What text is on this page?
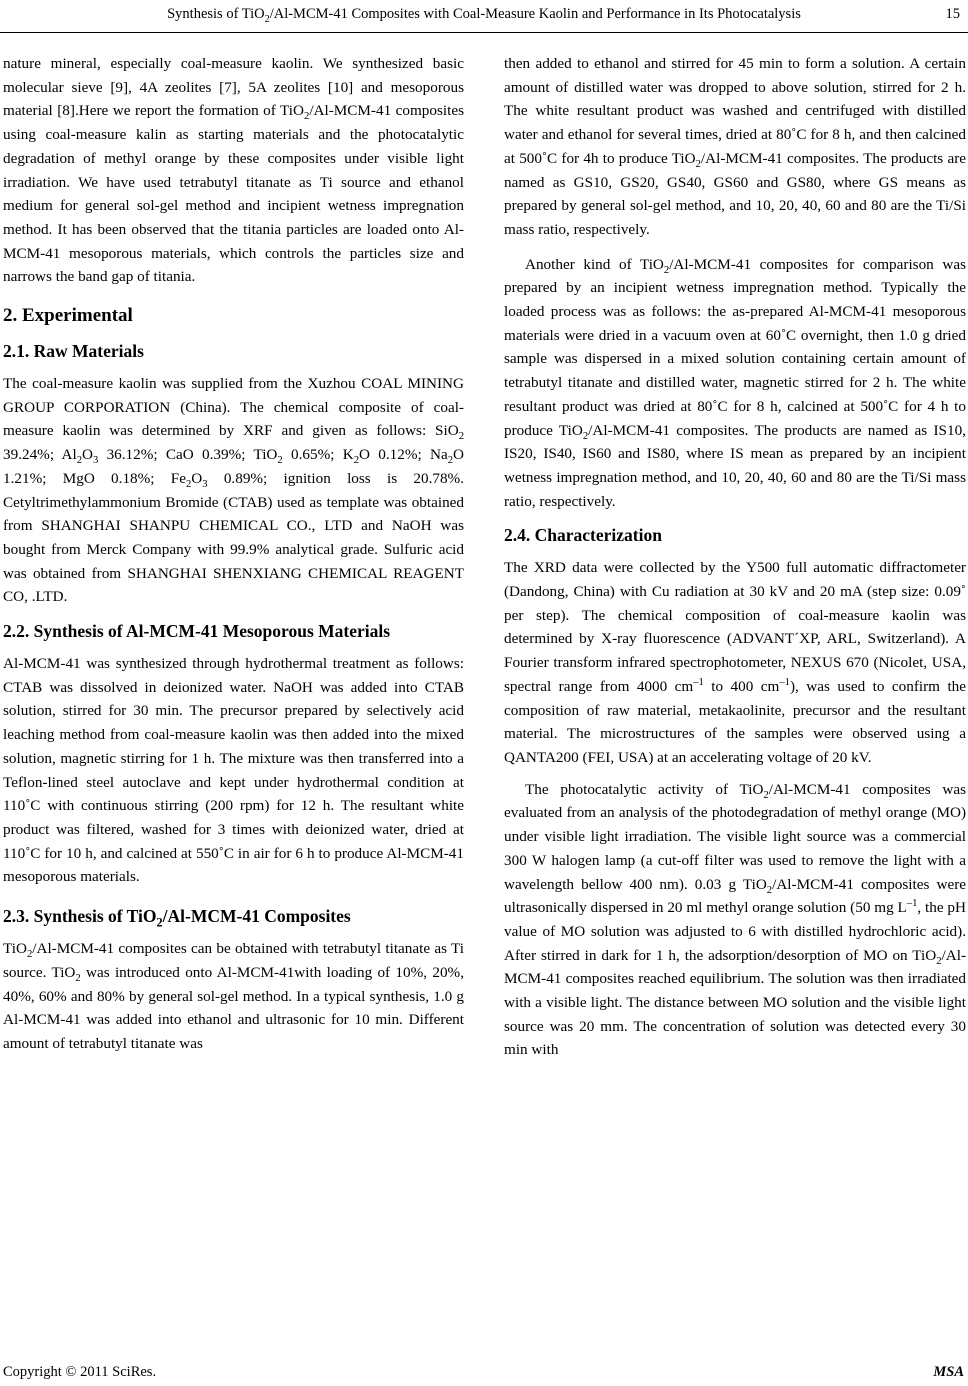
Synthesis of TiO$_2$/Al-MCM-41 Composites with Coal-Measure Kaolin and Performance in Its Photocatalysis	15

nature mineral, especially coal-measure kaolin. We synthesized basic molecular sieve [9], 4A zeolites [7], 5A zeolites [10] and mesoporous material [8].Here we report the formation of TiO$_2$/Al-MCM-41 composites using coal-measure kalin as starting materials and the photocatalytic degradation of methyl orange by these composites under visible light irradiation. We have used tetrabutyl titanate as Ti source and ethanol medium for general sol-gel method and incipient wetness impregnation method. It has been observed that the titania particles are loaded onto Al-MCM-41 mesoporous materials, which controls the particles size and narrows the band gap of titania.

2. Experimental
2.1. Raw Materials

The coal-measure kaolin was supplied from the Xuzhou COAL MINING GROUP CORPORATION (China). The chemical composite of coal-measure kaolin was determined by XRF and given as follows: SiO$_2$ 39.24%; $Al_2O_3$ 36.12%; CaO 0.39%; TiO$_2$ 0.65%; $K_2O$ 0.12%; $Na_2O$ 1.21%; MgO 0.18%; $Fe_2O_3$ 0.89%; ignition loss is 20.78%. Cetyltrimethylammonium Bromide (CTAB) used as template was obtained from SHANGHAI SHANPU CHEMICAL CO., LTD and NaOH was bought from Merck Company with 99.9% analytical grade. Sulfuric acid was obtained from SHANGHAI SHENXIANG CHEMICAL REAGENT CO, .LTD.

2.2. Synthesis of Al-MCM-41 Mesoporous Materials

Al-MCM-41 was synthesized through hydrothermal treatment as follows: CTAB was dissolved in deionized water. NaOH was added into CTAB solution, stirred for 30 min. The precursor prepared by selectively acid leaching method from coal-measure kaolin was then added into the mixed solution, magnetic stirring for 1 h. The mixture was then transferred into a Teflon-lined steel autoclave and kept under hydrothermal condition at 110˚C with continuous stirring (200 rpm) for 12 h. The resultant white product was filtered, washed for 3 times with deionized water, dried at 110˚C for 10 h, and calcined at 550˚C in air for 6 h to produce Al-MCM-41 mesoporous materials.

2.3. Synthesis of TiO$_2$/Al-MCM-41 Composites

TiO$_2$/Al-MCM-41 composites can be obtained with tetrabutyl titanate as Ti source. TiO$_2$ was introduced onto Al-MCM-41with loading of 10%, 20%, 40%, 60% and 80% by general sol-gel method. In a typical synthesis, 1.0 g Al-MCM-41 was added into ethanol and ultrasonic for 10 min. Different amount of tetrabutyl titanate was

then added to ethanol and stirred for 45 min to form a solution. A certain amount of distilled water was dropped to above solution, stirred for 2 h. The white resultant product was washed and centrifuged with distilled water and ethanol for several times, dried at 80˚C for 8 h, and then calcined at 500˚C for 4h to produce TiO$_2$/Al-MCM-41 composites. The products are named as GS10, GS20, GS40, GS60 and GS80, where GS means as prepared by general sol-gel method, and 10, 20, 40, 60 and 80 are the Ti/Si mass ratio, respectively.

Another kind of TiO$_2$/Al-MCM-41 composites for comparison was prepared by an incipient wetness impregnation method. Typically the loaded process was as follows: the as-prepared Al-MCM-41 mesoporous materials were dried in a vacuum oven at 60˚C overnight, then 1.0 g dried sample was dispersed in a mixed solution containing certain amount of tetrabutyl titanate and distilled water, magnetic stirred for 2 h. The white resultant product was dried at 80˚C for 8 h, calcined at 500˚C for 4 h to produce TiO$_2$/Al-MCM-41 composites. The products are named as IS10, IS20, IS40, IS60 and IS80, where IS mean as prepared by an incipient wetness impregnation method, and 10, 20, 40, 60 and 80 are the Ti/Si mass ratio, respectively.

2.4. Characterization

The XRD data were collected by the Y500 full automatic diffractometer (Dandong, China) with Cu radiation at 30 kV and 20 mA (step size: 0.09˚ per step). The chemical composition of coal-measure kaolin was determined by X-ray fluorescence (ADVANT´XP, ARL, Switzerland). A Fourier transform infrared spectrophotometer, NEXUS 670 (Nicolet, USA, spectral range from 4000 $cm^{-1}$ to 400 $cm^{-1}$), was used to confirm the composition of raw material, metakaolinite, precursor and the resultant material. The microstructures of the samples were observed using a QANTA200 (FEI, USA) at an accelerating voltage of 20 kV.

The photocatalytic activity of TiO$_2$/Al-MCM-41 composites was evaluated from an analysis of the photodegradation of methyl orange (MO) under visible light irradiation. The visible light source was a commercial 300 W halogen lamp (a cut-off filter was used to remove the light with a wavelength bellow 400 nm). 0.03 g TiO$_2$/Al-MCM-41 composites were ultrasonically dispersed in 20 ml methyl orange solution (50 mg $L^{-1}$, the pH value of MO solution was adjusted to 6 with distilled hydrochloric acid). After stirred in dark for 1 h, the adsorption/desorption of MO on TiO$_2$/Al-MCM-41 composites reached equilibrium. The solution was then irradiated with a visible light. The distance between MO solution and the visible light source was 20 mm. The concentration of solution was detected every 30 min with

Copyright © 2011 SciRes.	MSA
